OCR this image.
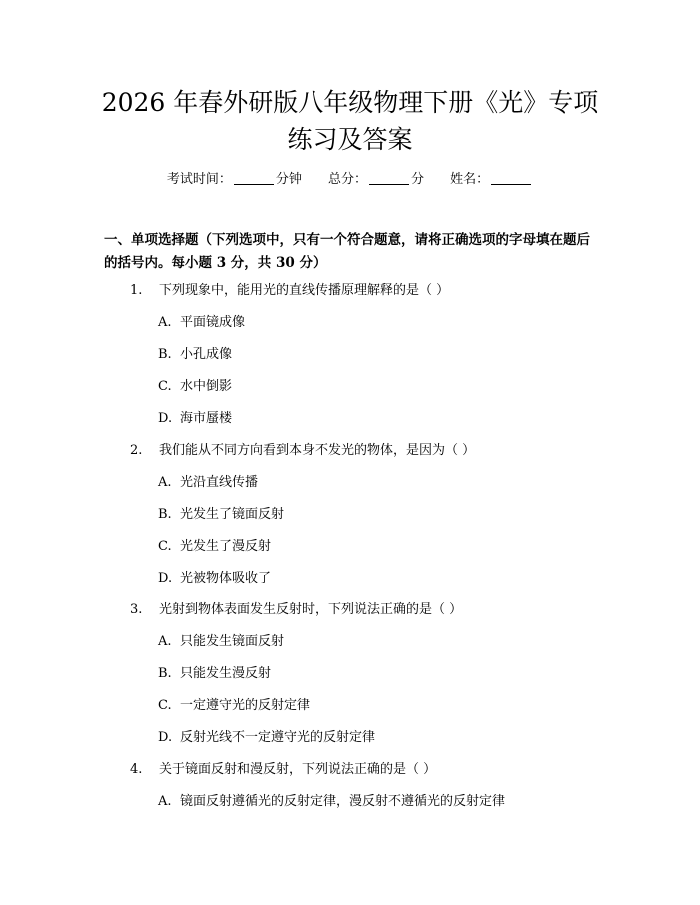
2026 年春外研版八年级物理下册《光》专项
练习及答案
考试时间：	分钟 总分：	分 姓名：

一、单项选择题（下列选项中，只有一个符合题意，请将正确选项的字母填在题后的括号内。每小题 3 分，共 30 分）

1. 下列现象中，能用光的直线传播原理解释的是（ ）
A. 平面镜成像
B. 小孔成像
C. 水中倒影
D. 海市蜃楼
2. 我们能从不同方向看到本身不发光的物体，是因为（ ）
A. 光沿直线传播
B. 光发生了镜面反射
C. 光发生了漫反射
D. 光被物体吸收了
3. 光射到物体表面发生反射时，下列说法正确的是（ ）
A. 只能发生镜面反射
B. 只能发生漫反射
C. 一定遵守光的反射定律
D. 反射光线不一定遵守光的反射定律
4. 关于镜面反射和漫反射，下列说法正确的是（ ）
A. 镜面反射遵循光的反射定律，漫反射不遵循光的反射定律
